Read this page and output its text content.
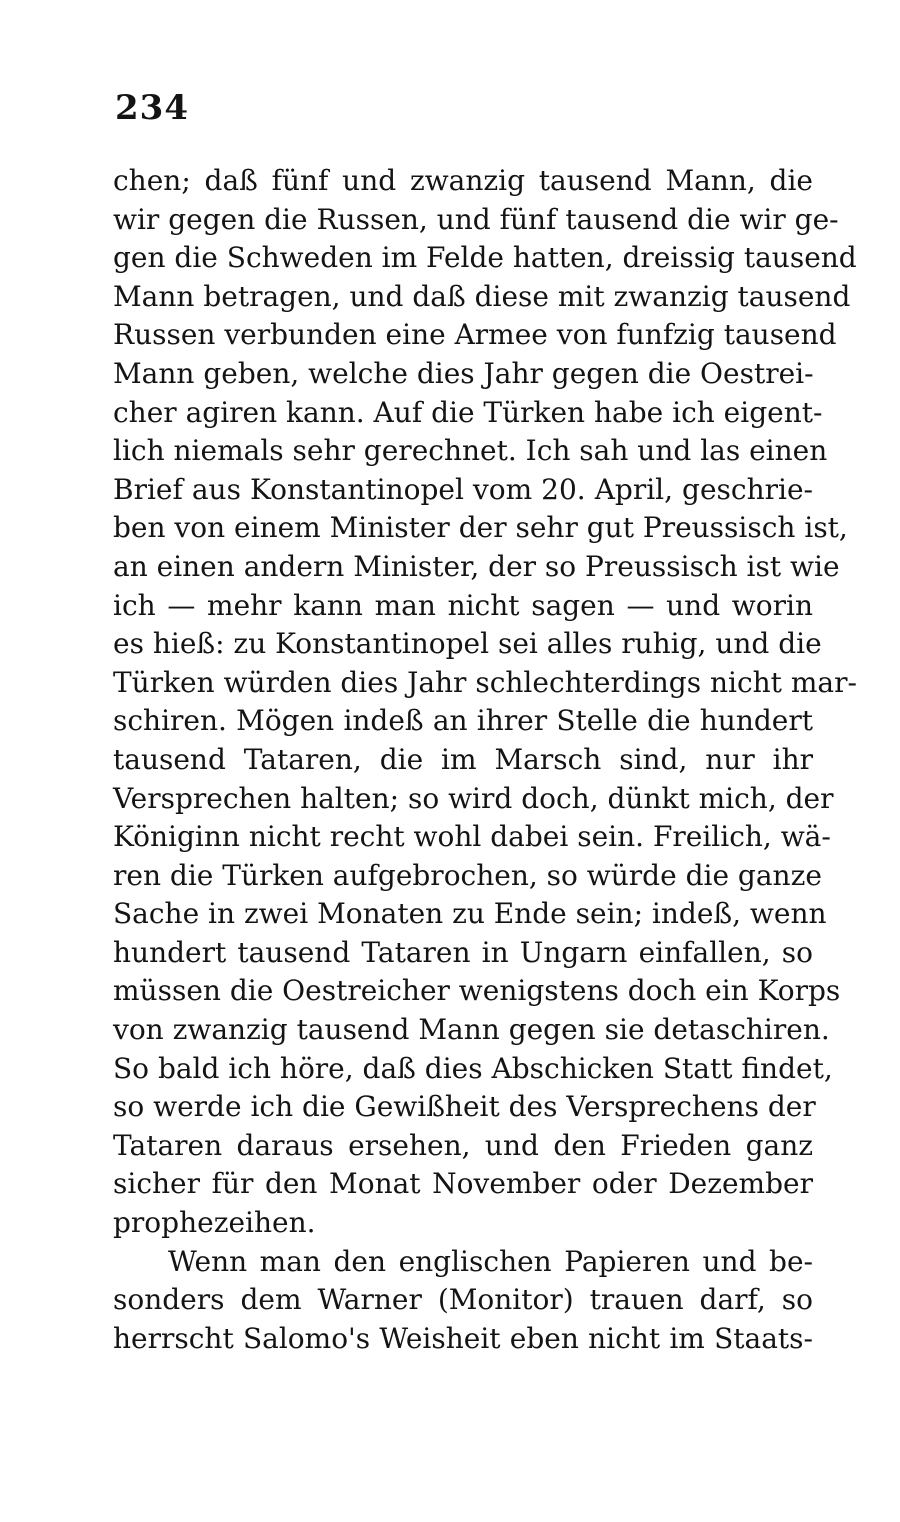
234
chen; daß fünf und zwanzig tausend Mann, die
wir gegen die Russen, und fünf tausend die wir ge-
gen die Schweden im Felde hatten, dreissig tausend
Mann betragen, und daß diese mit zwanzig tausend
Russen verbunden eine Armee von funfzig tausend
Mann geben, welche dies Jahr gegen die Oestrei-
cher agiren kann. Auf die Türken habe ich eigent-
lich niemals sehr gerechnet. Ich sah und las einen
Brief aus Konstantinopel vom 20. April, geschrie-
ben von einem Minister der sehr gut Preussisch ist,
an einen andern Minister, der so Preussisch ist wie
ich — mehr kann man nicht sagen — und worin
es hieß: zu Konstantinopel sei alles ruhig, und die
Türken würden dies Jahr schlechterdings nicht mar-
schiren. Mögen indeß an ihrer Stelle die hundert
tausend Tataren, die im Marsch sind, nur ihr
Versprechen halten; so wird doch, dünkt mich, der
Königinn nicht recht wohl dabei sein. Freilich, wä-
ren die Türken aufgebrochen, so würde die ganze
Sache in zwei Monaten zu Ende sein; indeß, wenn
hundert tausend Tataren in Ungarn einfallen, so
müssen die Oestreicher wenigstens doch ein Korps
von zwanzig tausend Mann gegen sie detaschiren.
So bald ich höre, daß dies Abschicken Statt findet,
so werde ich die Gewißheit des Versprechens der
Tataren daraus ersehen, und den Frieden ganz
sicher für den Monat November oder Dezember
prophezeihen.
Wenn man den englischen Papieren und be-
sonders dem Warner (Monitor) trauen darf, so
herrscht Salomo's Weisheit eben nicht im Staats-
